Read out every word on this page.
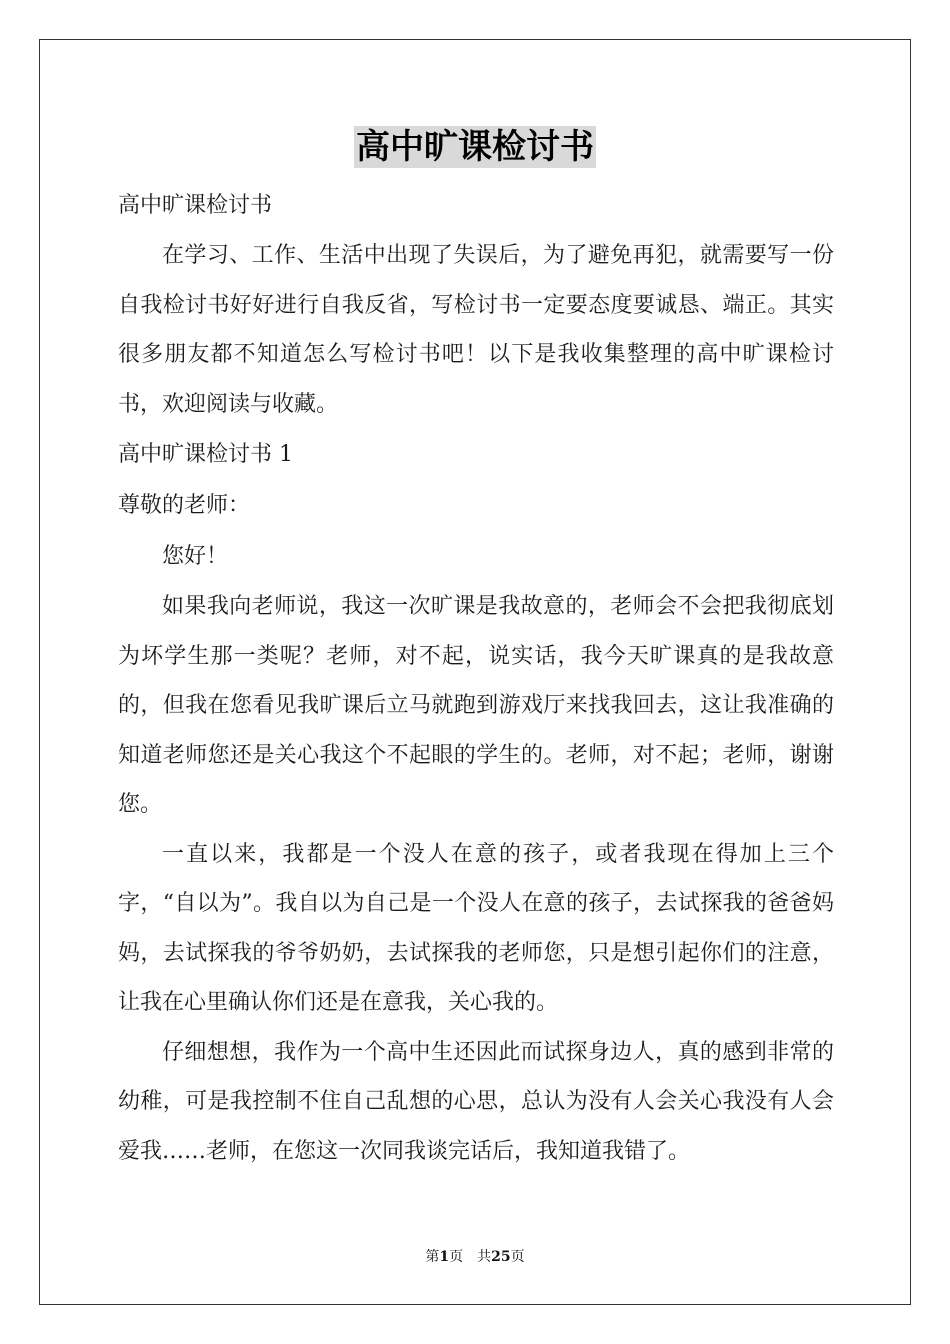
高中旷课检讨书
高中旷课检讨书

在学习、工作、生活中出现了失误后，为了避免再犯，就需要写一份自我检讨书好好进行自我反省，写检讨书一定要态度要诚恳、端正。其实很多朋友都不知道怎么写检讨书吧！以下是我收集整理的高中旷课检讨书，欢迎阅读与收藏。

高中旷课检讨书 1
尊敬的老师：
您好！

如果我向老师说，我这一次旷课是我故意的，老师会不会把我彻底划为坏学生那一类呢？老师，对不起，说实话，我今天旷课真的是我故意的，但我在您看见我旷课后立马就跑到游戏厅来找我回去，这让我准确的知道老师您还是关心我这个不起眼的学生的。老师，对不起；老师，谢谢您。

一直以来，我都是一个没人在意的孩子，或者我现在得加上三个字，“自以为”。我自以为自己是一个没人在意的孩子，去试探我的爸爸妈妈，去试探我的爷爷奶奶，去试探我的老师您，只是想引起你们的注意，让我在心里确认你们还是在意我，关心我的。

仔细想想，我作为一个高中生还因此而试探身边人，真的感到非常的幼稚，可是我控制不住自己乱想的心思，总认为没有人会关心我没有人会爱我……老师，在您这一次同我谈完话后，我知道我错了。

第1页　共25页
